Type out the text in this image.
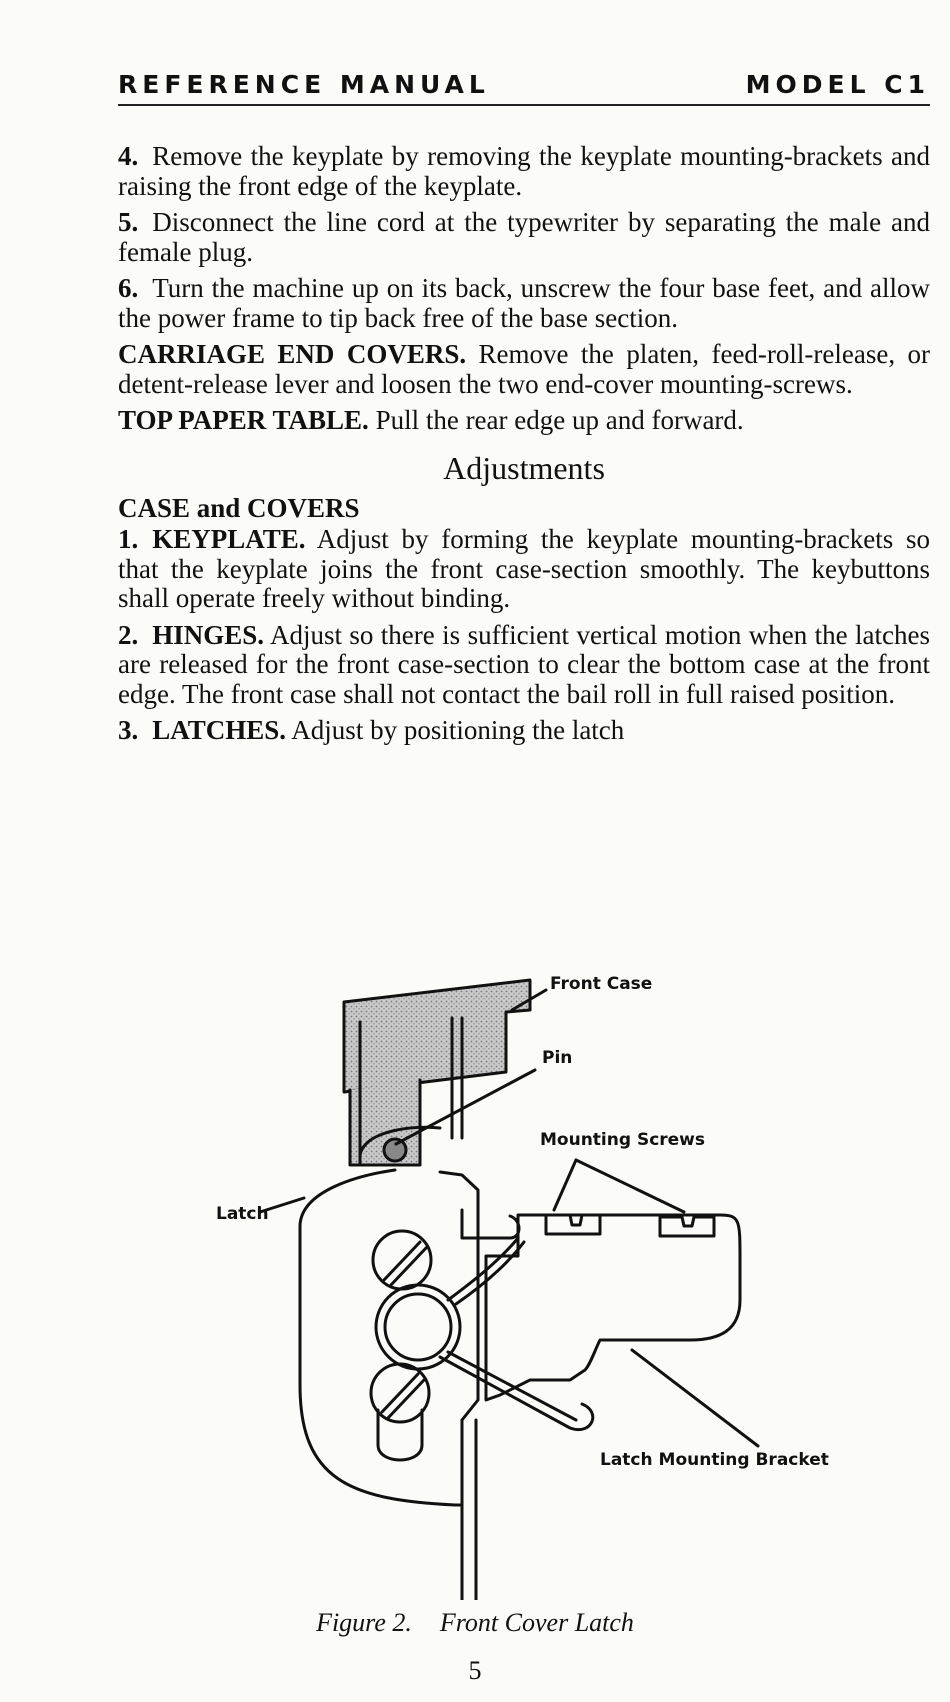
REFERENCE MANUAL	MODEL C1

4. Remove the keyplate by removing the keyplate mounting-brackets and raising the front edge of the keyplate.

5. Disconnect the line cord at the typewriter by separating the male and female plug.

6. Turn the machine up on its back, unscrew the four base feet, and allow the power frame to tip back free of the base section.

CARRIAGE END COVERS. Remove the platen, feed-roll-release, or detent-release lever and loosen the two end-cover mounting-screws.

TOP PAPER TABLE. Pull the rear edge up and forward.

Adjustments
CASE and COVERS

1. KEYPLATE. Adjust by forming the keyplate mounting-brackets so that the keyplate joins the front case-section smoothly. The keybuttons shall operate freely without binding.

2. HINGES. Adjust so there is sufficient vertical motion when the latches are released for the front case-section to clear the bottom case at the front edge. The front case shall not contact the bail roll in full raised position.

3. LATCHES. Adjust by positioning the latch

Front Case
Pin
Mounting Screws
Latch
Latch Mounting Bracket
Figure 2. Front Cover Latch
5
